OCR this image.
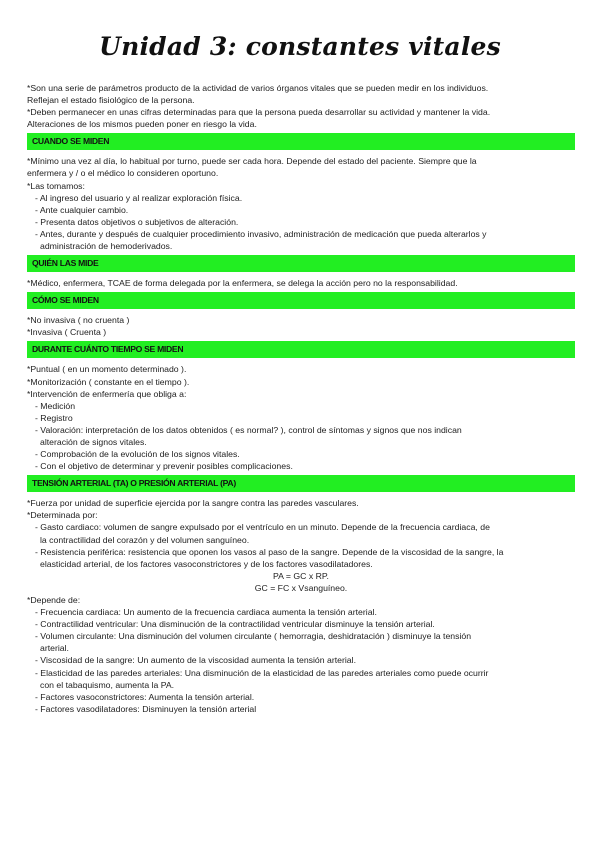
Unidad 3: constantes vitales

*Son una serie de parámetros producto de la actividad de varios órganos vitales que se pueden medir en los individuos.

Reflejan el estado fisiológico de la persona.

*Deben permanecer en unas cifras determinadas para que la persona pueda desarrollar su actividad y mantener la vida.

Alteraciones de los mismos pueden poner en riesgo la vida.

CUANDO SE MIDEN

*Mínimo una vez al día, lo habitual por turno, puede ser cada hora. Depende del estado del paciente. Siempre que la

enfermera y / o el médico lo consideren oportuno.

*Las tomamos:

- Al ingreso del usuario y al realizar exploración física.

- Ante cualquier cambio.

- Presenta datos objetivos o subjetivos de alteración.

- Antes, durante y después de cualquier procedimiento invasivo, administración de medicación que pueda alterarlos y

administración de hemoderivados.

QUIÉN LAS MIDE

*Médico, enfermera, TCAE de forma delegada por la enfermera, se delega la acción pero no la responsabilidad.

CÓMO SE MIDEN

*No invasiva ( no cruenta )

*Invasiva ( Cruenta )

DURANTE CUÁNTO TIEMPO SE MIDEN

*Puntual ( en un momento determinado ).

*Monitorización ( constante en el tiempo ).

*Intervención de enfermería que obliga a:

- Medición

- Registro

- Valoración: interpretación de los datos obtenidos ( es normal? ), control de síntomas y signos que nos indican

alteración de signos vitales.

- Comprobación de la evolución de los signos vitales.

- Con el objetivo de determinar y prevenir posibles complicaciones.

TENSIÓN ARTERIAL (TA) O PRESIÓN ARTERIAL (PA)

*Fuerza por unidad de superficie ejercida por la sangre contra las paredes vasculares.

*Determinada por:

- Gasto cardiaco: volumen de sangre expulsado por el ventrículo en un minuto. Depende de la frecuencia cardiaca, de

la contractilidad del corazón y del volumen sanguíneo.

- Resistencia periférica: resistencia que oponen los vasos al paso de la sangre. Depende de la viscosidad de la sangre, la

elasticidad arterial, de los factores vasoconstrictores y de los factores vasodilatadores.

PA = GC x RP.

GC = FC x Vsanguíneo.

*Depende de:

- Frecuencia cardiaca: Un aumento de la frecuencia cardiaca aumenta la tensión arterial.

- Contractilidad ventricular: Una disminución de la contractilidad ventricular disminuye la tensión arterial.

- Volumen circulante: Una disminución del volumen circulante ( hemorragia, deshidratación ) disminuye la tensión

arterial.

- Viscosidad de la sangre: Un aumento de la viscosidad aumenta la tensión arterial.

- Elasticidad de las paredes arteriales: Una disminución de la elasticidad de las paredes arteriales como puede ocurrir

con el tabaquismo, aumenta la PA.

- Factores vasoconstrictores: Aumenta la tensión arterial.

- Factores vasodilatadores: Disminuyen la tensión arterial
